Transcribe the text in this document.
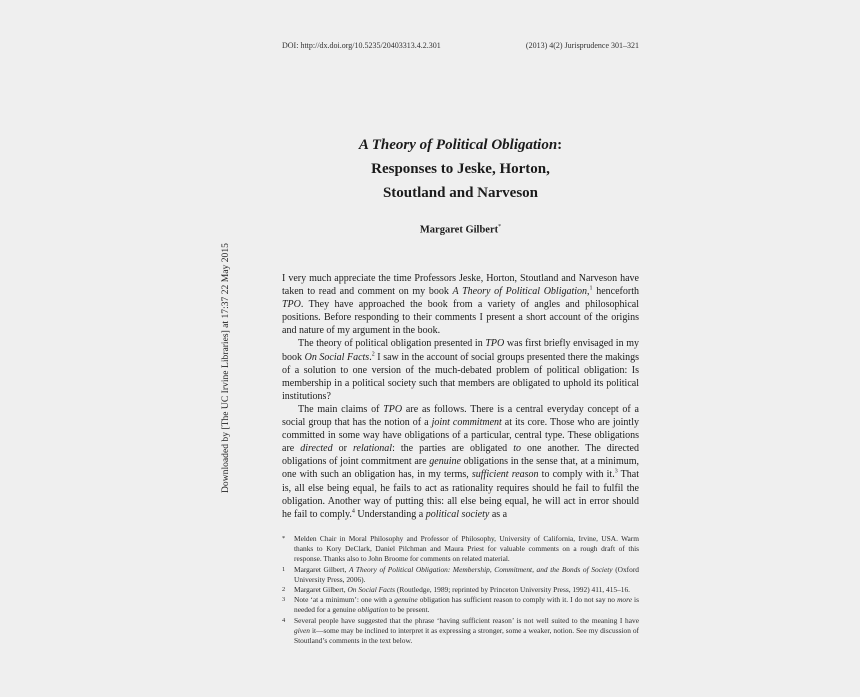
DOI: http://dx.doi.org/10.5235/20403313.4.2.301	(2013) 4(2) Jurisprudence 301–321
Downloaded by [The UC Irvine Libraries] at 17:37 22 May 2015
A Theory of Political Obligation:
Responses to Jeske, Horton,
Stoutland and Narveson
Margaret Gilbert*

I very much appreciate the time Professors Jeske, Horton, Stoutland and Narveson have taken to read and comment on my book A Theory of Political Obligation,$^1$ henceforth TPO. They have approached the book from a variety of angles and philosophical positions. Before responding to their comments I present a short account of the origins and nature of my argument in the book.

The theory of political obligation presented in TPO was first briefly envisaged in my book On Social Facts.$^2$ I saw in the account of social groups presented there the makings of a solution to one version of the much-debated problem of political obligation: Is membership in a political society such that members are obligated to uphold its political institutions?

The main claims of TPO are as follows. There is a central everyday concept of a social group that has the notion of a joint commitment at its core. Those who are jointly committed in some way have obligations of a particular, central type. These obligations are directed or relational: the parties are obligated to one another. The directed obligations of joint commitment are genuine obligations in the sense that, at a minimum, one with such an obligation has, in my terms, sufficient reason to comply with it.$^3$ That is, all else being equal, he fails to act as rationality requires should he fail to fulfil the obligation. Another way of putting this: all else being equal, he will act in error should he fail to comply.$^4$ Understanding a political society as a

* Melden Chair in Moral Philosophy and Professor of Philosophy, University of California, Irvine, USA. Warm thanks to Kory DeClark, Daniel Pilchman and Maura Priest for valuable comments on a rough draft of this response. Thanks also to John Broome for comments on related material.
1 Margaret Gilbert, A Theory of Political Obligation: Membership, Commitment, and the Bonds of Society (Oxford University Press, 2006).
2 Margaret Gilbert, On Social Facts (Routledge, 1989; reprinted by Princeton University Press, 1992) 411, 415–16.
3 Note ‘at a minimum’: one with a genuine obligation has sufficient reason to comply with it. I do not say no more is needed for a genuine obligation to be present.
4 Several people have suggested that the phrase ‘having sufficient reason’ is not well suited to the meaning I have given it—some may be inclined to interpret it as expressing a stronger, some a weaker, notion. See my discussion of Stoutland’s comments in the text below.
